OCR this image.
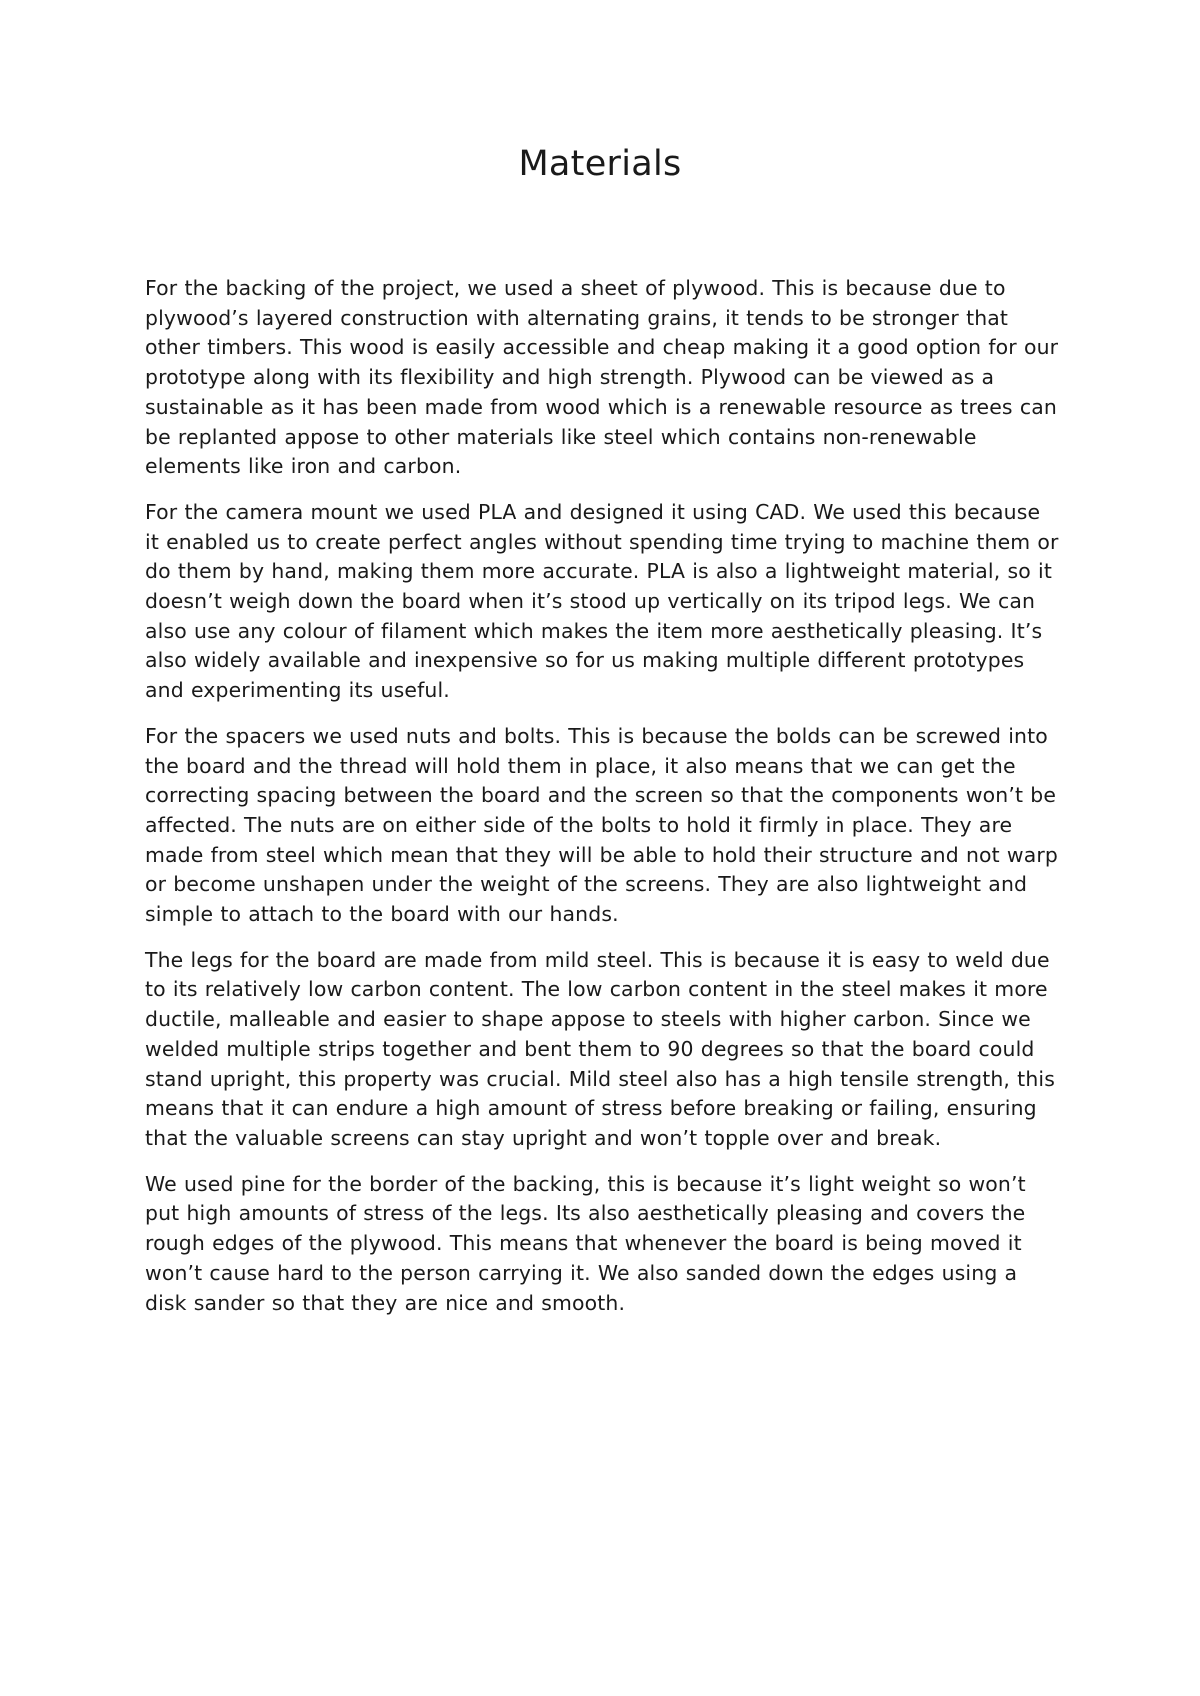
Materials

For the backing of the project, we used a sheet of plywood. This is because due to plywood’s layered construction with alternating grains, it tends to be stronger that other timbers. This wood is easily accessible and cheap making it a good option for our prototype along with its flexibility and high strength. Plywood can be viewed as a sustainable as it has been made from wood which is a renewable resource as trees can be replanted appose to other materials like steel which contains non-renewable elements like iron and carbon.

For the camera mount we used PLA and designed it using CAD. We used this because it enabled us to create perfect angles without spending time trying to machine them or do them by hand, making them more accurate. PLA is also a lightweight material, so it doesn’t weigh down the board when it’s stood up vertically on its tripod legs. We can also use any colour of filament which makes the item more aesthetically pleasing. It’s also widely available and inexpensive so for us making multiple different prototypes and experimenting its useful.

For the spacers we used nuts and bolts. This is because the bolds can be screwed into the board and the thread will hold them in place, it also means that we can get the correcting spacing between the board and the screen so that the components won’t be affected. The nuts are on either side of the bolts to hold it firmly in place. They are made from steel which mean that they will be able to hold their structure and not warp or become unshapen under the weight of the screens. They are also lightweight and simple to attach to the board with our hands.

The legs for the board are made from mild steel. This is because it is easy to weld due to its relatively low carbon content. The low carbon content in the steel makes it more ductile, malleable and easier to shape appose to steels with higher carbon. Since we welded multiple strips together and bent them to 90 degrees so that the board could stand upright, this property was crucial. Mild steel also has a high tensile strength, this means that it can endure a high amount of stress before breaking or failing, ensuring that the valuable screens can stay upright and won’t topple over and break.

We used pine for the border of the backing, this is because it’s light weight so won’t put high amounts of stress of the legs. Its also aesthetically pleasing and covers the rough edges of the plywood. This means that whenever the board is being moved it won’t cause hard to the person carrying it. We also sanded down the edges using a disk sander so that they are nice and smooth.
